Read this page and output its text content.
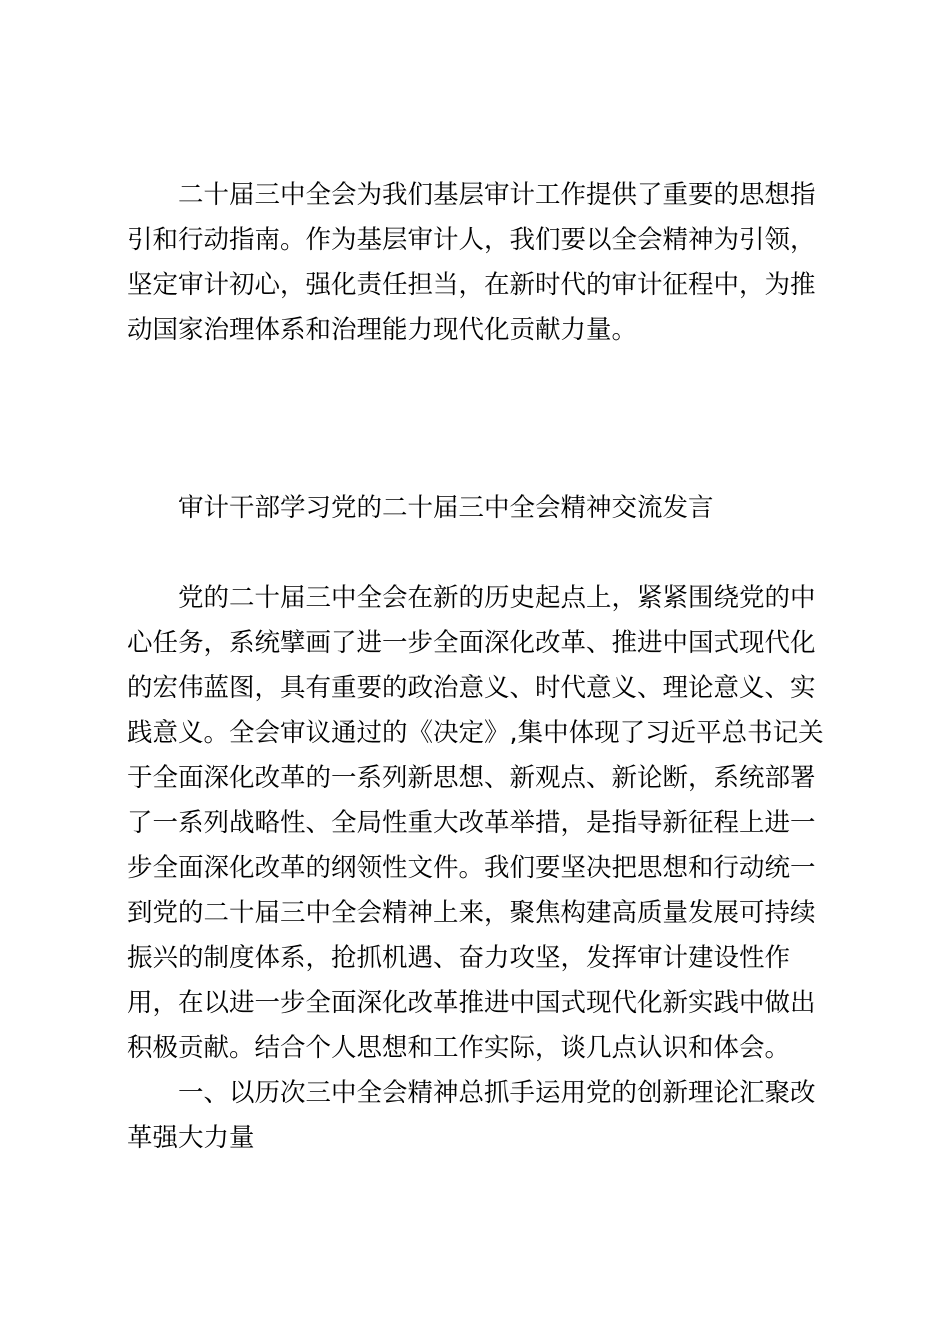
二十届三中全会为我们基层审计工作提供了重要的思想指
引和行动指南。作为基层审计人，我们要以全会精神为引领，
坚定审计初心，强化责任担当，在新时代的审计征程中，为推
动国家治理体系和治理能力现代化贡献力量。
审计干部学习党的二十届三中全会精神交流发言
党的二十届三中全会在新的历史起点上，紧紧围绕党的中
心任务，系统擘画了进一步全面深化改革、推进中国式现代化
的宏伟蓝图，具有重要的政治意义、时代意义、理论意义、实
践意义。全会审议通过的《决定》,集中体现了习近平总书记关
于全面深化改革的一系列新思想、新观点、新论断，系统部署
了一系列战略性、全局性重大改革举措，是指导新征程上进一
步全面深化改革的纲领性文件。我们要坚决把思想和行动统一
到党的二十届三中全会精神上来，聚焦构建高质量发展可持续
振兴的制度体系，抢抓机遇、奋力攻坚，发挥审计建设性作
用，在以进一步全面深化改革推进中国式现代化新实践中做出
积极贡献。结合个人思想和工作实际，谈几点认识和体会。
一、以历次三中全会精神总抓手运用党的创新理论汇聚改
革强大力量
